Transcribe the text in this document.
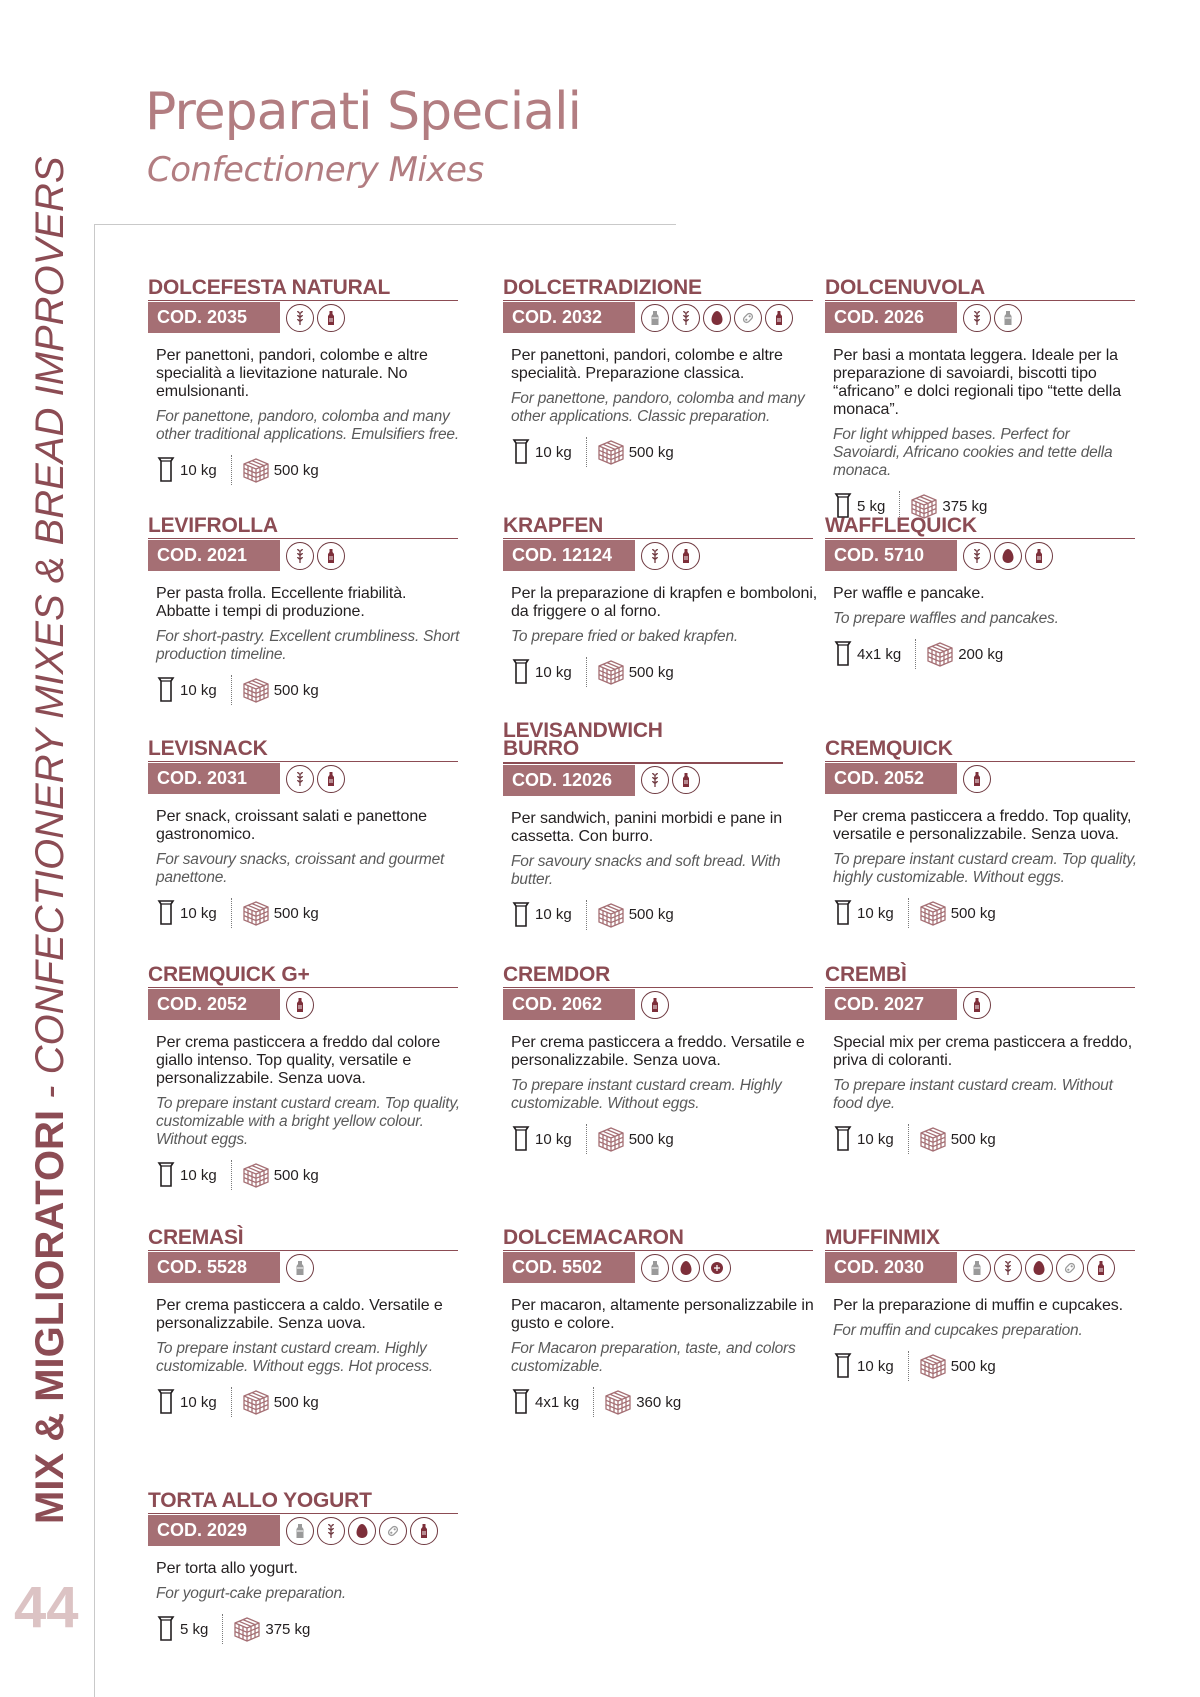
Preparati Speciali
Confectionery Mixes
MIX & MIGLIORATORI - CONFECTIONERY MIXES & BREAD IMPROVERS
44
DOLCEFESTA NATURAL
COD. 2035
Per panettoni, pandori, colombe e altre specialità a lievitazione naturale. No emulsionanti.
For panettone, pandoro, colomba and many other traditional applications. Emulsifiers free.
10 kg	500 kg
DOLCETRADIZIONE
COD. 2032
Per panettoni, pandori, colombe e altre specialità. Preparazione classica.
For panettone, pandoro, colomba and many other applications. Classic preparation.
10 kg	500 kg
DOLCENUVOLA
COD. 2026
Per basi a montata leggera. Ideale per la preparazione di savoiardi, biscotti tipo “africano” e dolci regionali tipo “tette della monaca”.
For light whipped bases. Perfect for Savoiardi, Africano cookies and tette della monaca.
5 kg	375 kg
LEVIFROLLA
COD. 2021
Per pasta frolla. Eccellente friabilità. Abbatte i tempi di produzione.
For short-pastry. Excellent crumbliness. Short production timeline.
10 kg	500 kg
KRAPFEN
COD. 12124
Per la preparazione di krapfen e bomboloni, da friggere o al forno.
To prepare fried or baked krapfen.
10 kg	500 kg
WAFFLEQUICK
COD. 5710
Per waffle e pancake.
To prepare waffles and pancakes.
4x1 kg	200 kg
LEVISNACK
COD. 2031
Per snack, croissant salati e panettone gastronomico.
For savoury snacks, croissant and gourmet panettone.
10 kg	500 kg
LEVISANDWICH BURRO
COD. 12026
Per sandwich, panini morbidi e pane in cassetta. Con burro.
For savoury snacks and soft bread. With butter.
10 kg	500 kg
CREMQUICK
COD. 2052
Per crema pasticcera a freddo. Top quality, versatile e personalizzabile. Senza uova.
To prepare instant custard cream. Top quality, highly customizable. Without eggs.
10 kg	500 kg
CREMQUICK G+
COD. 2052
Per crema pasticcera a freddo dal colore giallo intenso. Top quality, versatile e personalizzabile. Senza uova.
To prepare instant custard cream. Top quality, customizable with a bright yellow colour. Without eggs.
10 kg	500 kg
CREMDOR
COD. 2062
Per crema pasticcera a freddo. Versatile e personalizzabile. Senza uova.
To prepare instant custard cream. Highly customizable. Without eggs.
10 kg	500 kg
CREMBÌ
COD. 2027
Special mix per crema pasticcera a freddo, priva di coloranti.
To prepare instant custard cream. Without food dye.
10 kg	500 kg
CREMASÌ
COD. 5528
Per crema pasticcera a caldo. Versatile e personalizzabile. Senza uova.
To prepare instant custard cream. Highly customizable. Without eggs. Hot process.
10 kg	500 kg
DOLCEMACARON
COD. 5502
Per macaron, altamente personalizzabile in gusto e colore.
For Macaron preparation, taste, and colors customizable.
4x1 kg	360 kg
MUFFINMIX
COD. 2030
Per la preparazione di muffin e cupcakes.
For muffin and cupcakes preparation.
10 kg	500 kg
TORTA ALLO YOGURT
COD. 2029
Per torta allo yogurt.
For yogurt-cake preparation.
5 kg	375 kg
